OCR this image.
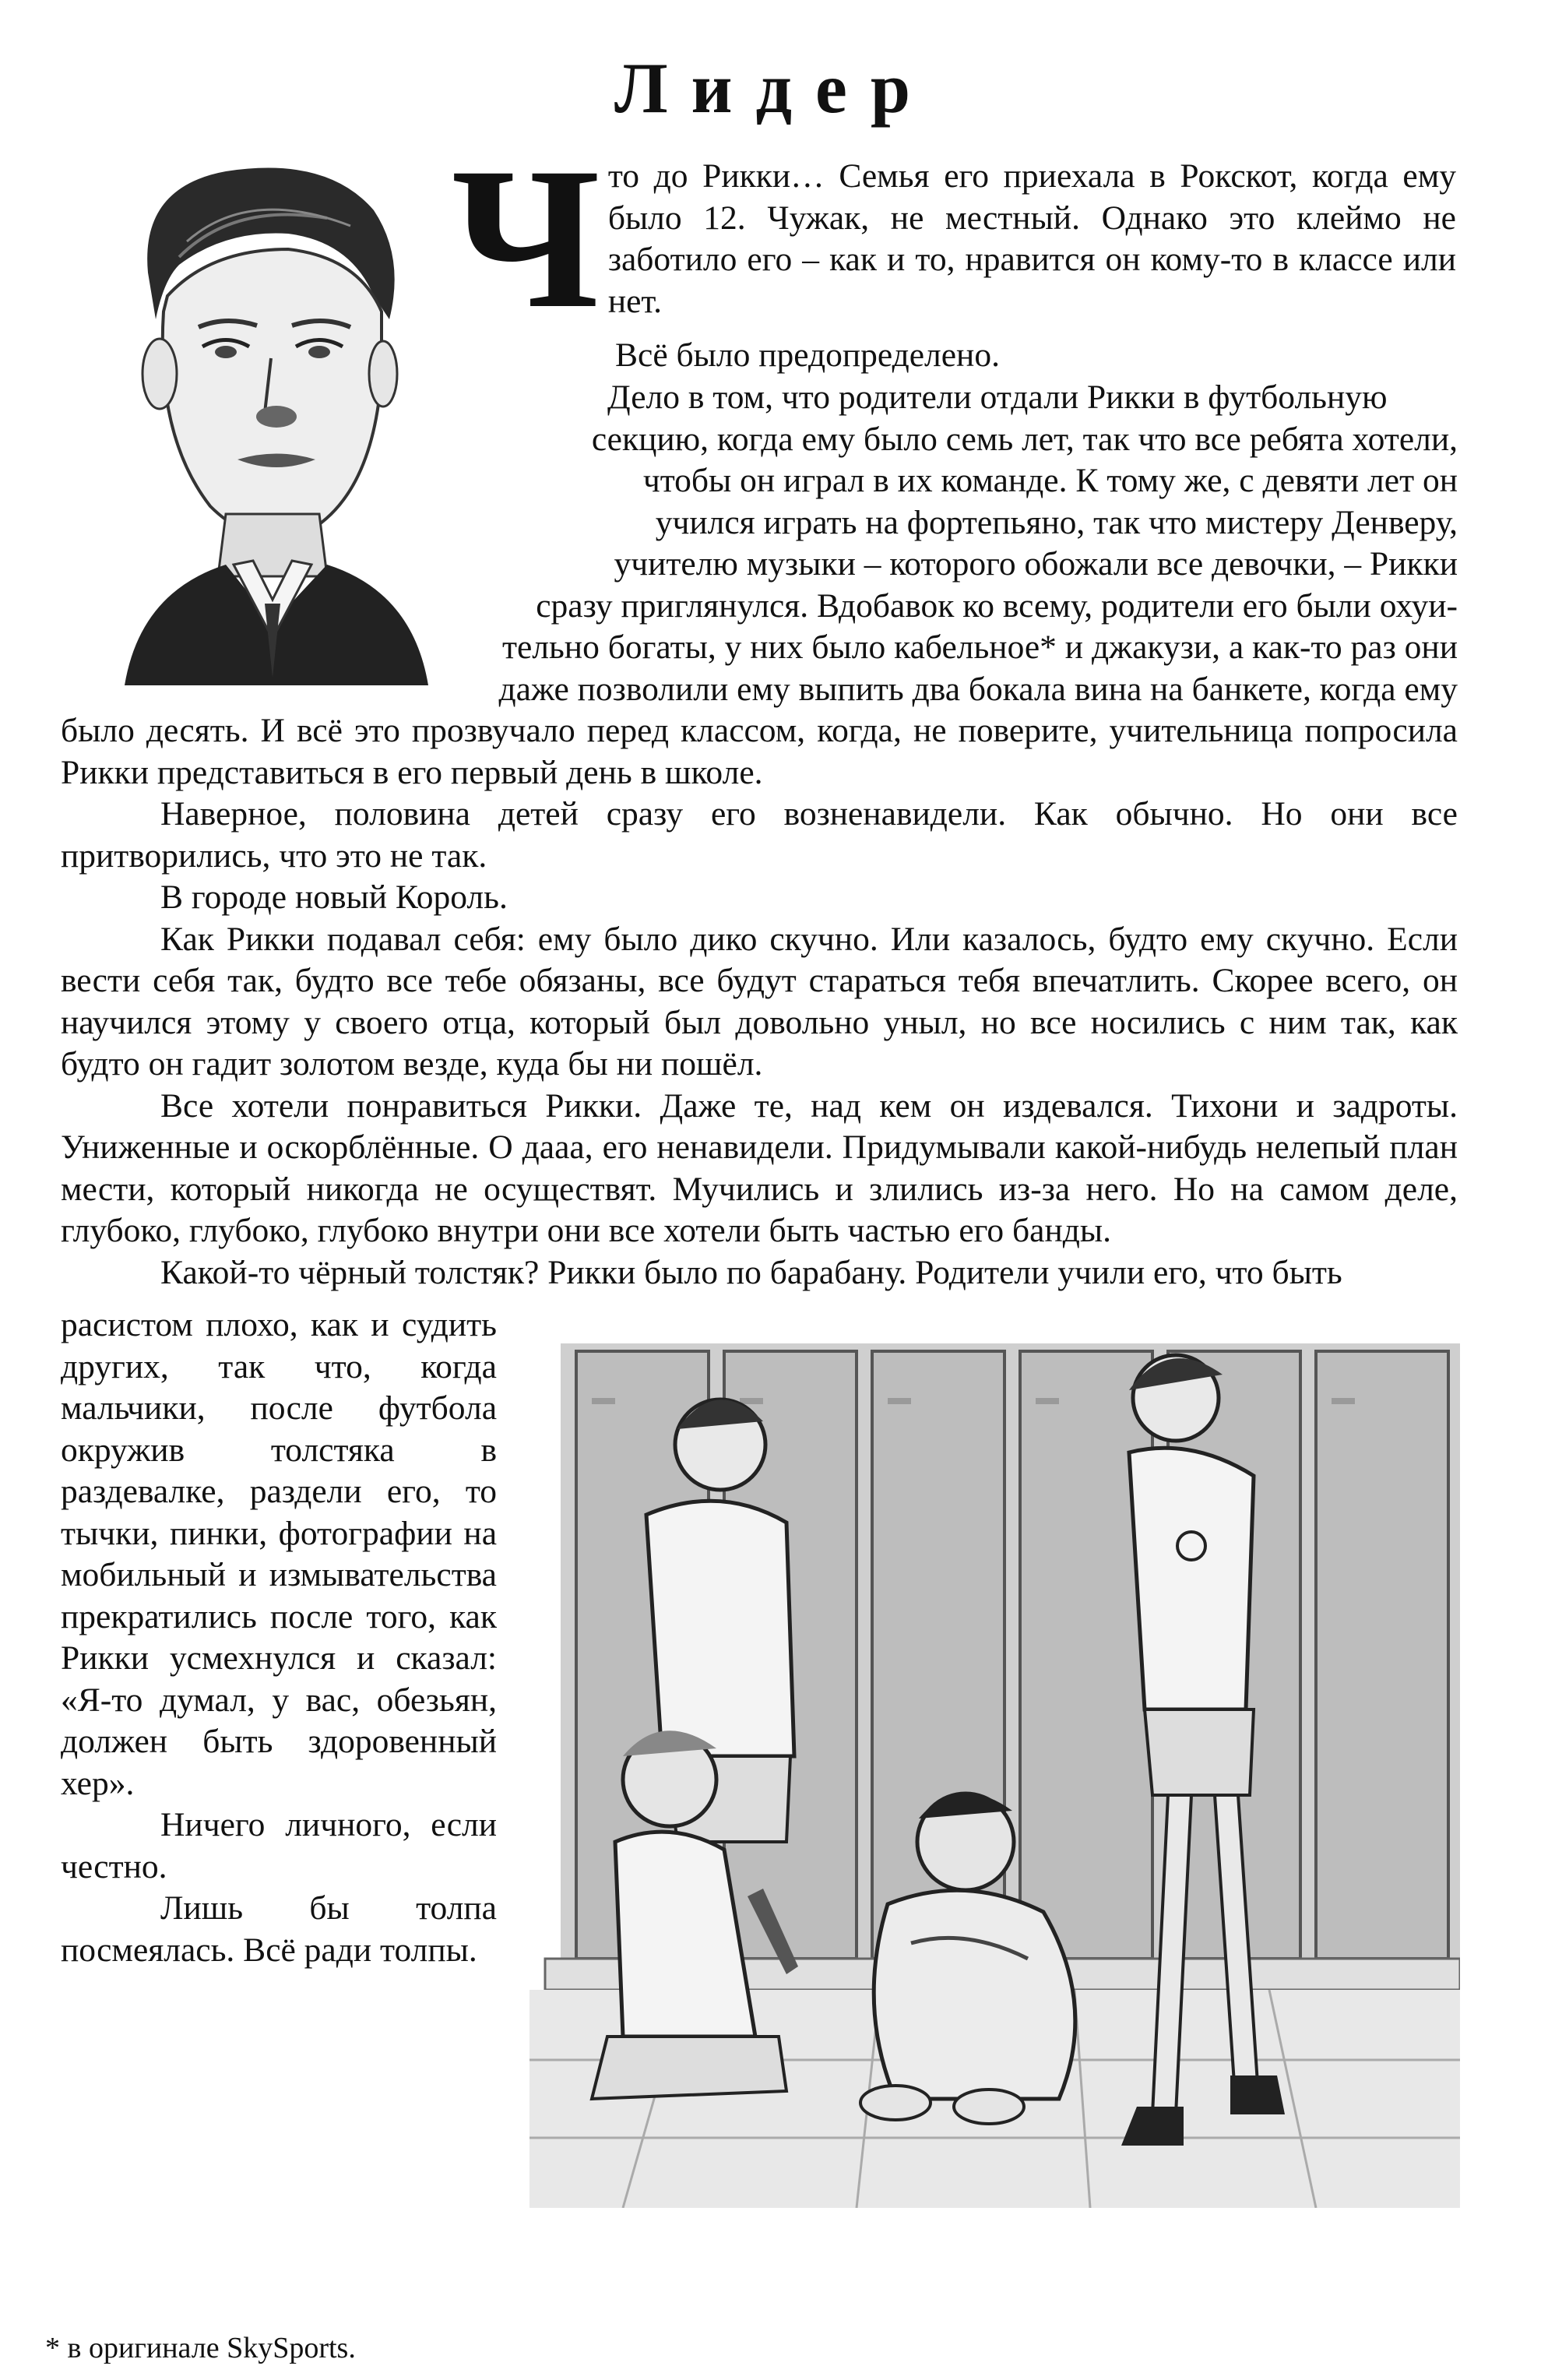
Лидер
Ч то до Рикки… Семья его приехала в Рокскот, когда ему было 12. Чужак, не местный. Однако это клеймо не заботило его – как и то, нравится он кому-то в классе или нет.

Всё было предопределено.

Дело в том, что родители отдали Рикки в футбольную

секцию, когда ему было семь лет, так что все ребята хотели,

чтобы он играл в их команде. К тому же, с девяти лет он

учился играть на фортепьяно, так что мистеру Денверу,

учителю музыки – которого обожали все девочки, – Рикки

сразу приглянулся. Вдобавок ко всему, родители его были охуи-

тельно богаты, у них было кабельное* и джакузи, а как-то раз они

даже позволили ему выпить два бокала вина на банкете, когда ему

было десять. И всё это прозвучало перед классом, когда, не поверите, учительница попросила Рикки представиться в его первый день в школе.

Наверное, половина детей сразу его возненавидели. Как обычно. Но они все притворились, что это не так.

В городе новый Король.

Как Рикки подавал себя: ему было дико скучно. Или казалось, будто ему скучно. Если вести себя так, будто все тебе обязаны, все будут стараться тебя впечатлить. Скорее всего, он научился этому у своего отца, который был довольно уныл, но все носились с ним так, как будто он гадит золотом везде, куда бы ни пошёл.

Все хотели понравиться Рикки. Даже те, над кем он издевался. Тихони и задроты. Униженные и оскорблённые. О дааа, его ненавидели. Придумывали какой-нибудь нелепый план мести, который никогда не осуществят. Мучились и злились из-за него. Но на самом деле, глубоко, глубоко, глубоко внутри они все хотели быть частью его банды.

Какой-то чёрный толстяк? Рикки было по барабану. Родители учили его, что быть

расистом плохо, как и судить других, так что, когда мальчики, после футбола окружив толстяка в раздевалке, раздели его, то тычки, пинки, фотографии на мобильный и измывательства прекратились после того, как Рикки усмехнулся и сказал: «Я-то думал, у вас, обезьян, должен быть здоровенный хер».

Ничего личного, если честно.

Лишь бы толпа посмеялась. Всё ради толпы.

* в оригинале SkySports.
